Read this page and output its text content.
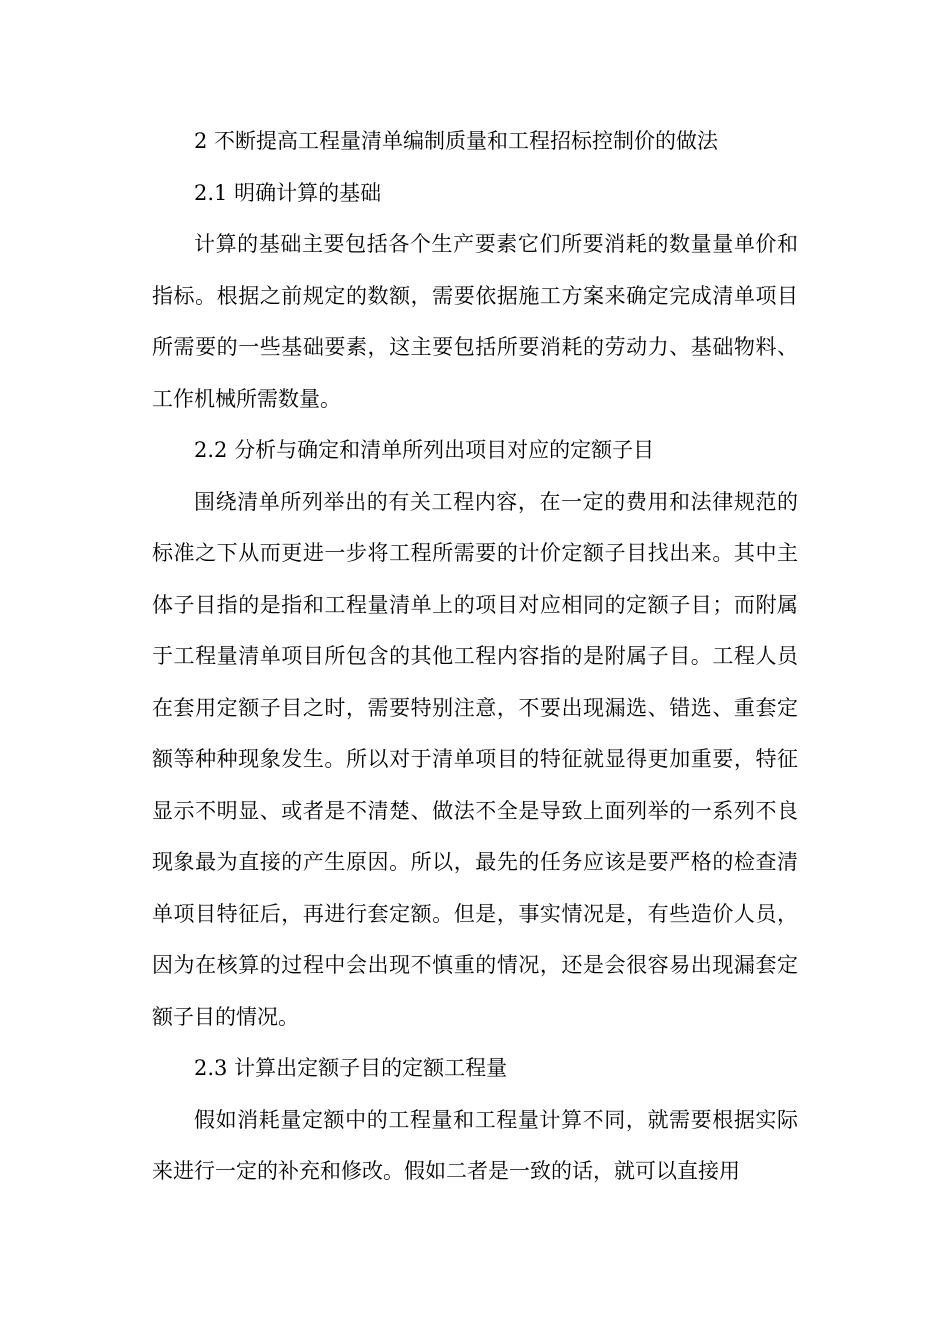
2 不断提高工程量清单编制质量和工程招标控制价的做法

2.1 明确计算的基础

计算的基础主要包括各个生产要素它们所要消耗的数量量单价和指标。根据之前规定的数额，需要依据施工方案来确定完成清单项目所需要的一些基础要素，这主要包括所要消耗的劳动力、基础物料、工作机械所需数量。

2.2 分析与确定和清单所列出项目对应的定额子目

围绕清单所列举出的有关工程内容，在一定的费用和法律规范的标准之下从而更进一步将工程所需要的计价定额子目找出来。其中主体子目指的是指和工程量清单上的项目对应相同的定额子目；而附属于工程量清单项目所包含的其他工程内容指的是附属子目。工程人员在套用定额子目之时，需要特别注意，不要出现漏选、错选、重套定额等种种现象发生。所以对于清单项目的特征就显得更加重要，特征显示不明显、或者是不清楚、做法不全是导致上面列举的一系列不良现象最为直接的产生原因。所以，最先的任务应该是要严格的检查清单项目特征后，再进行套定额。但是，事实情况是，有些造价人员，因为在核算的过程中会出现不慎重的情况，还是会很容易出现漏套定额子目的情况。

2.3 计算出定额子目的定额工程量

假如消耗量定额中的工程量和工程量计算不同，就需要根据实际来进行一定的补充和修改。假如二者是一致的话，就可以直接用
